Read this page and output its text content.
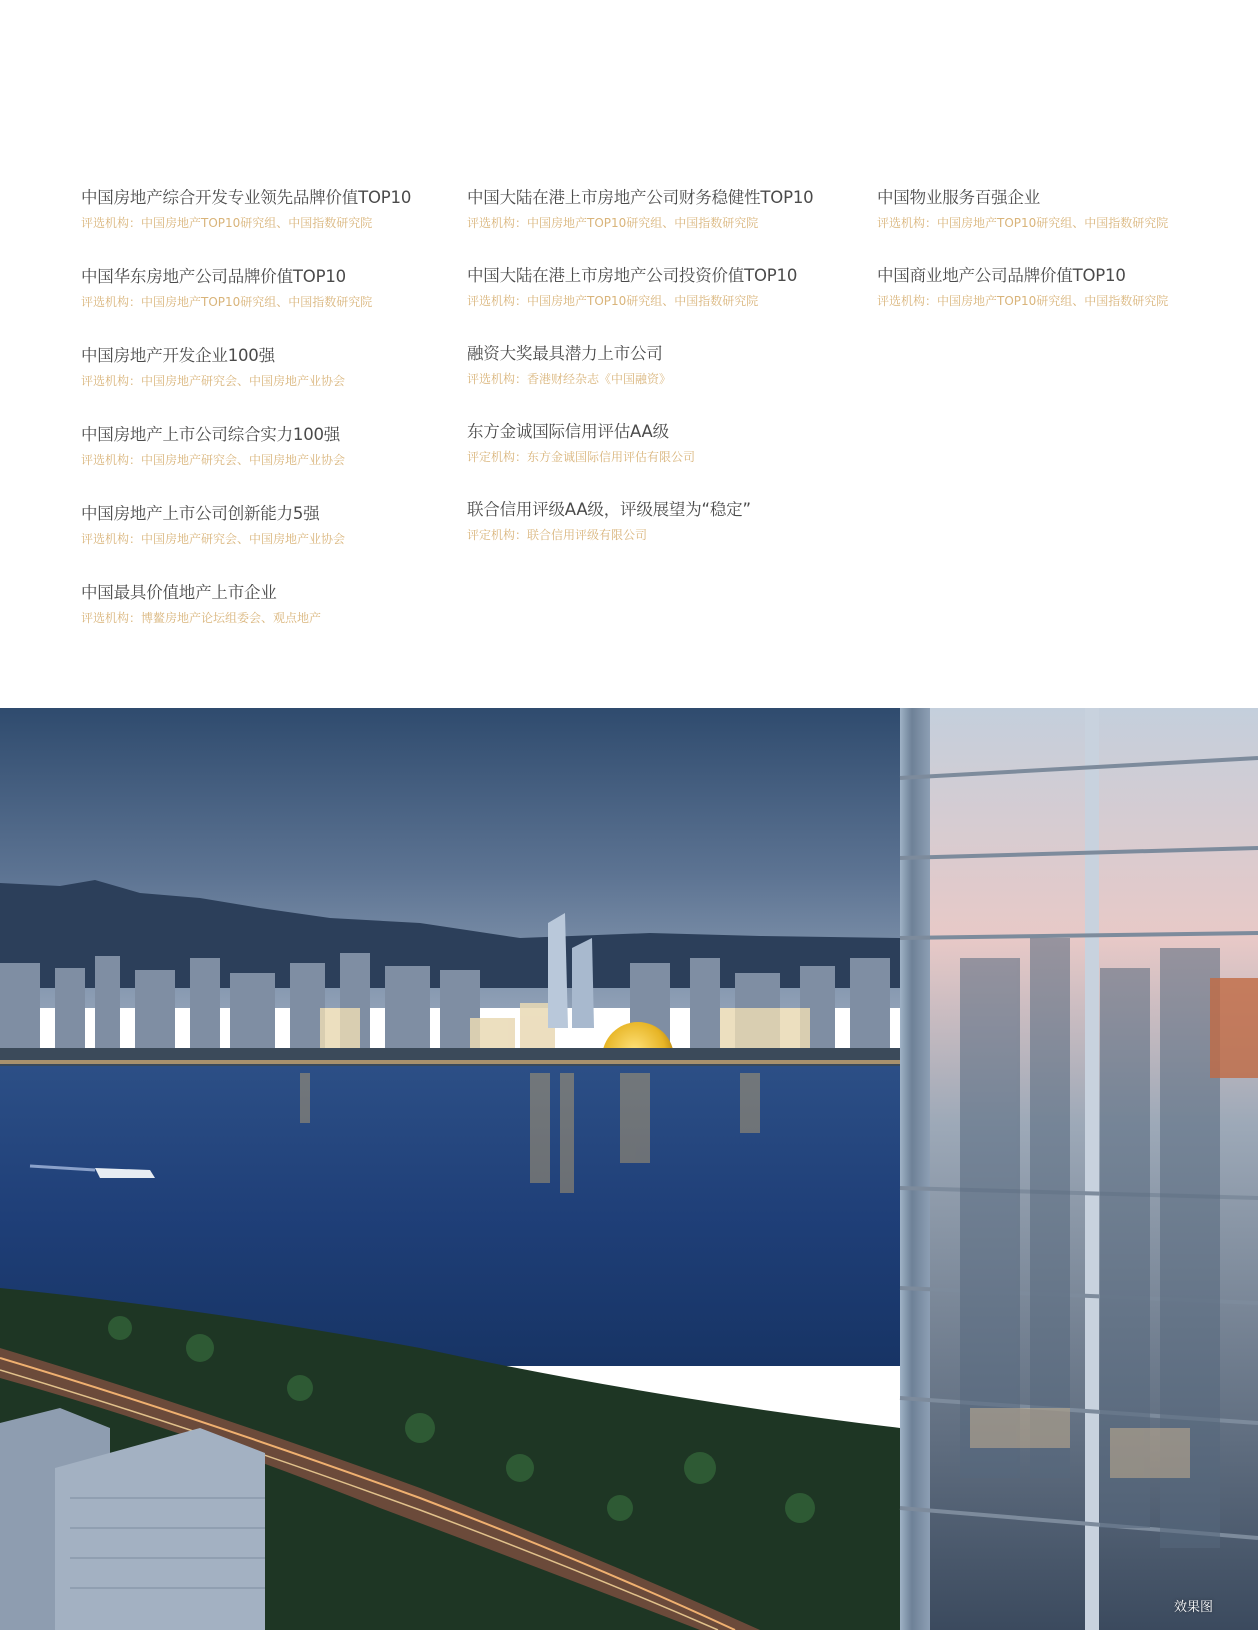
中国房地产综合开发专业领先品牌价值TOP10
评选机构：中国房地产TOP10研究组、中国指数研究院
中国华东房地产公司品牌价值TOP10
评选机构：中国房地产TOP10研究组、中国指数研究院
中国房地产开发企业100强
评选机构：中国房地产研究会、中国房地产业协会
中国房地产上市公司综合实力100强
评选机构：中国房地产研究会、中国房地产业协会
中国房地产上市公司创新能力5强
评选机构：中国房地产研究会、中国房地产业协会
中国最具价值地产上市企业
评选机构：博鳌房地产论坛组委会、观点地产
中国大陆在港上市房地产公司财务稳健性TOP10
评选机构：中国房地产TOP10研究组、中国指数研究院
中国大陆在港上市房地产公司投资价值TOP10
评选机构：中国房地产TOP10研究组、中国指数研究院
融资大奖最具潜力上市公司
评选机构：香港财经杂志《中国融资》
东方金诚国际信用评估AA级
评定机构：东方金诚国际信用评估有限公司
联合信用评级AA级，评级展望为“稳定”
评定机构：联合信用评级有限公司
中国物业服务百强企业
评选机构：中国房地产TOP10研究组、中国指数研究院
中国商业地产公司品牌价值TOP10
评选机构：中国房地产TOP10研究组、中国指数研究院
效果图
